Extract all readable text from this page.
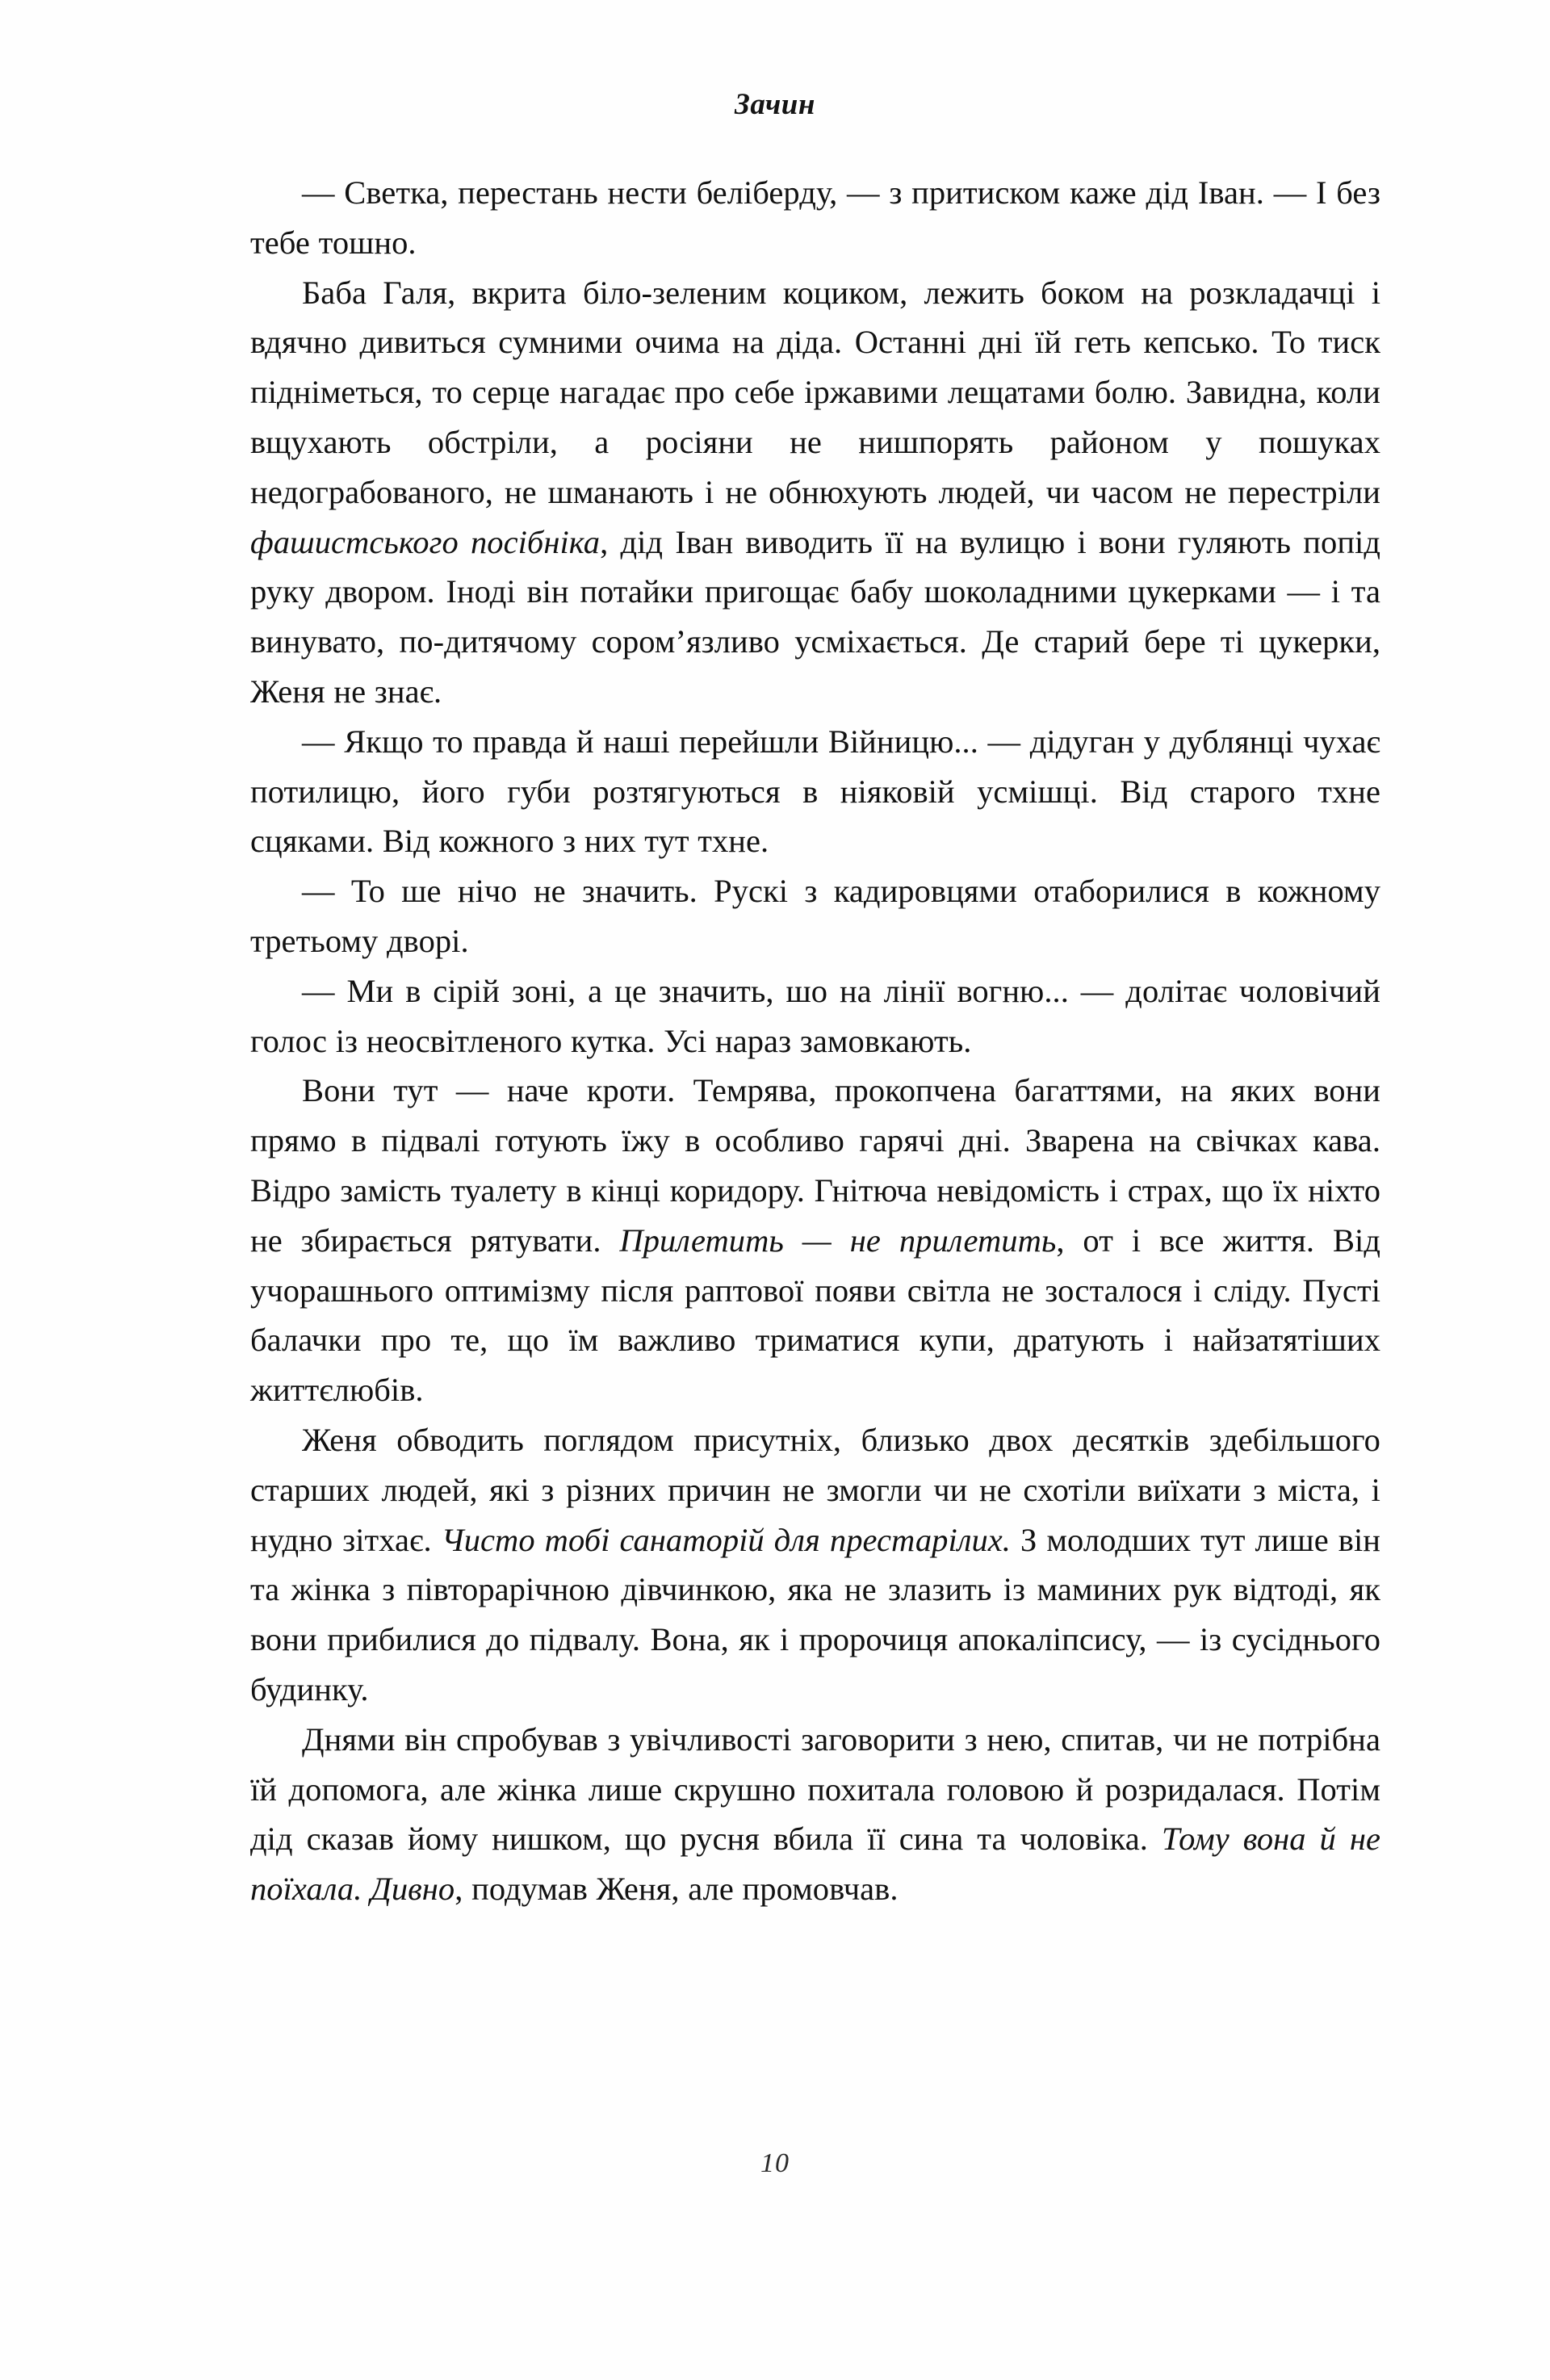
Зачин

— Светка, перестань нести беліберду, — з притиском каже дід Іван. — І без тебе тошно.

Баба Галя, вкрита біло-зеленим коциком, лежить боком на розкладачці і вдячно дивиться сумними очима на діда. Останні дні їй геть кепсько. То тиск підніметься, то серце нагадає про себе іржавими лещатами болю. Завидна, коли вщухають обстріли, а росіяни не нишпорять районом у пошуках недограбованого, не шманають і не обнюхують людей, чи часом не перестріли фашистського посібніка, дід Іван виводить її на вулицю і вони гуляють попід руку двором. Іноді він потайки пригощає бабу шоколадними цукерками — і та винувато, по-дитячому сором’язливо усміхається. Де старий бере ті цукерки, Женя не знає.

— Якщо то правда й наші перейшли Війницю... — дідуган у дублянці чухає потилицю, його губи розтягуються в ніяковій усмішці. Від старого тхне сцяками. Від кожного з них тут тхне.

— То ше нічо не значить. Рускі з кадировцями отаборилися в кожному третьому дворі.

— Ми в сірій зоні, а це значить, шо на лінії вогню... — долітає чоловічий голос із неосвітленого кутка. Усі нараз замовкають.

Вони тут — наче кроти. Темрява, прокопчена багаттями, на яких вони прямо в підвалі готують їжу в особливо гарячі дні. Зварена на свічках кава. Відро замість туалету в кінці коридору. Гнітюча невідомість і страх, що їх ніхто не збирається рятувати. Прилетить — не прилетить, от і все життя. Від учорашнього оптимізму після раптової появи світла не зосталося і сліду. Пусті балачки про те, що їм важливо триматися купи, дратують і найзатятіших життєлюбів.

Женя обводить поглядом присутніх, близько двох десятків здебільшого старших людей, які з різних причин не змогли чи не схотіли виїхати з міста, і нудно зітхає. Чисто тобі санаторій для престарілих. З молодших тут лише він та жінка з півторарічною дівчинкою, яка не злазить із маминих рук відтоді, як вони прибилися до підвалу. Вона, як і пророчиця апокаліпсису, — із сусіднього будинку.

Днями він спробував з увічливості заговорити з нею, спитав, чи не потрібна їй допомога, але жінка лише скрушно похитала головою й розридалася. Потім дід сказав йому нишком, що русня вбила її сина та чоловіка. Тому вона й не поїхала. Дивно, подумав Женя, але промовчав.

10
